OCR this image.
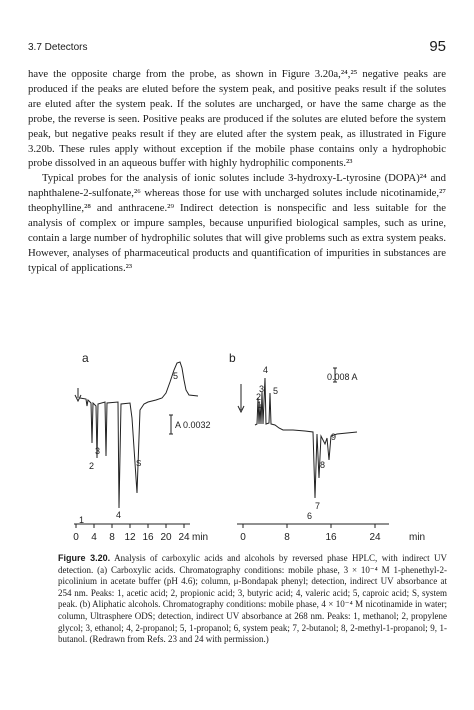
3.7 Detectors	95

have the opposite charge from the probe, as shown in Figure 3.20a,²⁴,²⁵ negative peaks are produced if the peaks are eluted before the system peak, and positive peaks result if the solutes are eluted after the system peak. If the solutes are uncharged, or have the same charge as the probe, the reverse is seen. Positive peaks are produced if the solutes are eluted before the system peak, but negative peaks result if they are eluted after the system peak, as illustrated in Figure 3.20b. These rules apply without exception if the mobile phase contains only a hydrophobic probe dissolved in an aqueous buffer with highly hydrophilic components.²³

Typical probes for the analysis of ionic solutes include 3-hydroxy-L-tyrosine (DOPA)²⁴ and naphthalene-2-sulfonate,²⁶ whereas those for use with uncharged solutes include nicotinamide,²⁷ theophylline,²⁸ and anthracene.²⁹ Indirect detection is nonspecific and less suitable for the analysis of complex or impure samples, because unpurified biological samples, such as urine, contain a large number of hydrophilic solutes that will give problems such as extra system peaks. However, analyses of pharmaceutical products and quantification of impurities in substances are typical of applications.²³

a
1
2
3
4
S
5
A 0.0032
0 4 8 12 16 20 24 min
b
1
2
3
4
5
6
7
8
9
0.008 A
0	8	16	24	min
Figure 3.20. Analysis of carboxylic acids and alcohols by reversed phase HPLC, with indirect UV detection. (a) Carboxylic acids. Chromatography conditions: mobile phase, 3 × 10⁻⁴ M 1-phenethyl-2-picolinium in acetate buffer (pH 4.6); column, μ-Bondapak phenyl; detection, indirect UV absorbance at 254 nm. Peaks: 1, acetic acid; 2, propionic acid; 3, butyric acid; 4, valeric acid; 5, caproic acid; S, system peak. (b) Aliphatic alcohols. Chromatography conditions: mobile phase, 4 × 10⁻⁴ M nicotinamide in water; column, Ultrasphere ODS; detection, indirect UV absorbance at 268 nm. Peaks: 1, methanol; 2, propylene glycol; 3, ethanol; 4, 2-propanol; 5, 1-propanol; 6, system peak; 7, 2-butanol; 8, 2-methyl-1-propanol; 9, 1-butanol. (Redrawn from Refs. 23 and 24 with permission.)
